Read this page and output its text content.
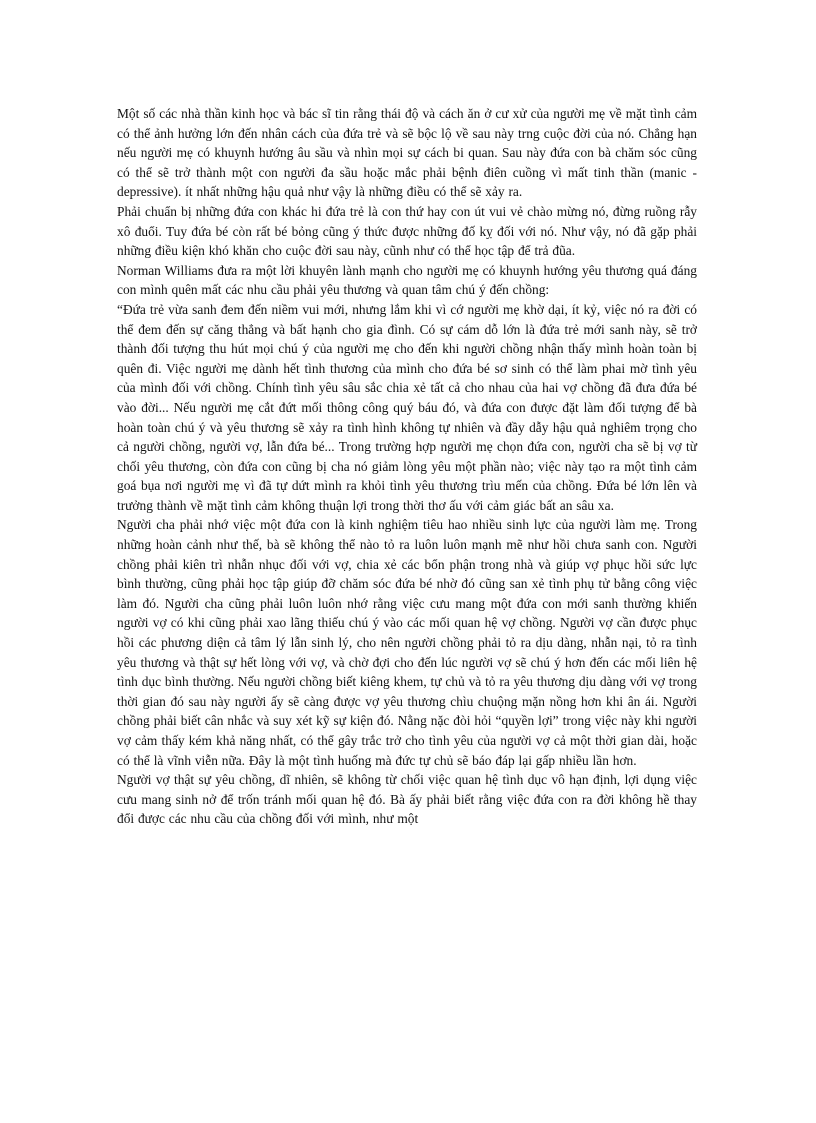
Một số các nhà thần kinh học và bác sĩ tin rằng thái độ và cách ăn ở cư xử của người mẹ về mặt tình cảm có thể ảnh hưởng lớn đến nhân cách của đứa trẻ và sẽ bộc lộ về sau này trng cuộc đời của nó. Chẳng hạn nếu người mẹ có khuynh hướng âu sầu và nhìn mọi sự cách bi quan. Sau này đứa con bà chăm sóc cũng có thể sẽ trở thành một con người đa sầu hoặc mắc phải bệnh điên cuồng vì mất tinh thần (manic - depressive). ít nhất những hậu quả như vậy là những điều có thể sẽ xảy ra.

Phải chuẩn bị những đứa con khác hi đứa trẻ là con thứ hay con út vui vẻ chào mừng nó, đừng ruồng rẫy xô đuổi. Tuy đứa bé còn rất bé bỏng cũng ý thức được những đố kỵ đối với nó. Như vậy, nó đã gặp phải những điều kiện khó khăn cho cuộc đời sau này, cũnh như có thể học tập để trả đũa.

Norman Williams đưa ra một lời khuyên lành mạnh cho người mẹ có khuynh hướng yêu thương quá đáng con mình quên mất các nhu cầu phải yêu thương và quan tâm chú ý đến chồng:

“Đứa trẻ vừa sanh đem đến niềm vui mới, nhưng lắm khi vì cớ người mẹ khờ dại, ít kỷ, việc nó ra đời có thể đem đến sự căng thẳng và bất hạnh cho gia đình. Có sự cám dỗ lớn là đứa trẻ mới sanh này, sẽ trở thành đối tượng thu hút mọi chú ý của người mẹ cho đến khi người chồng nhận thấy mình hoàn toàn bị quên đi. Việc người mẹ dành hết tình thương của mình cho đứa bé sơ sinh có thể làm phai mờ tình yêu của mình đối với chồng. Chính tình yêu sâu sắc chia xẻ tất cả cho nhau của hai vợ chồng đã đưa đứa bé vào đời... Nếu người mẹ cắt đứt mối thông công quý báu đó, và đứa con được đặt làm đối tượng để bà hoàn toàn chú ý và yêu thương sẽ xảy ra tình hình không tự nhiên và đầy dẫy hậu quả nghiêm trọng cho cả người chồng, người vợ, lẫn đứa bé... Trong trường hợp người mẹ chọn đứa con, người cha sẽ bị vợ từ chối yêu thương, còn đứa con cũng bị cha nó giảm lòng yêu một phần nào; việc này tạo ra một tình cảm goá bụa nơi người mẹ vì đã tự dứt mình ra khỏi tình yêu thương trìu mến của chồng. Đứa bé lớn lên và trưởng thành về mặt tình cảm không thuận lợi trong thời thơ ấu với cảm giác bất an sâu xa.

Người cha phải nhớ việc một đứa con là kinh nghiệm tiêu hao nhiều sinh lực của người làm mẹ. Trong những hoàn cảnh như thế, bà sẽ không thể nào tỏ ra luôn luôn mạnh mẽ như hồi chưa sanh con. Người chồng phải kiên trì nhẫn nhục đối với vợ, chia xẻ các bổn phận trong nhà và giúp vợ phục hồi sức lực bình thường, cũng phải học tập giúp đỡ chăm sóc đứa bé nhờ đó cũng san xẻ tình phụ tử bằng công việc làm đó. Người cha cũng phải luôn luôn nhớ rằng việc cưu mang một đứa con mới sanh thường khiến người vợ có khi cũng phải xao lãng thiếu chú ý vào các mối quan hệ vợ chồng. Người vợ cần được phục hồi các phương diện cả tâm lý lẫn sinh lý, cho nên người chồng phải tỏ ra dịu dàng, nhẫn nại, tỏ ra tình yêu thương và thật sự hết lòng với vợ, và chờ đợi cho đến lúc người vợ sẽ chú ý hơn đến các mối liên hệ tình dục bình thường. Nếu người chồng biết kiêng khem, tự chủ và tỏ ra yêu thương dịu dàng với vợ trong thời gian đó sau này người ấy sẽ càng được vợ yêu thương chìu chuộng mặn nồng hơn khi ân ái. Người chồng phải biết cân nhắc và suy xét kỹ sự kiện đó. Nằng nặc đòi hỏi “quyền lợi” trong việc này khi người vợ cảm thấy kém khả năng nhất, có thể gây trắc trở cho tình yêu của người vợ cả một thời gian dài, hoặc có thể là vĩnh viễn nữa. Đây là một tình huống mà đức tự chủ sẽ báo đáp lại gấp nhiều lần hơn.

Người vợ thật sự yêu chồng, dĩ nhiên, sẽ không từ chối việc quan hệ tình dục vô hạn định, lợi dụng việc cưu mang sinh nở để trốn tránh mối quan hệ đó. Bà ấy phải biết rằng việc đứa con ra đời không hề thay đổi được các nhu cầu của chồng đối với mình, như một
